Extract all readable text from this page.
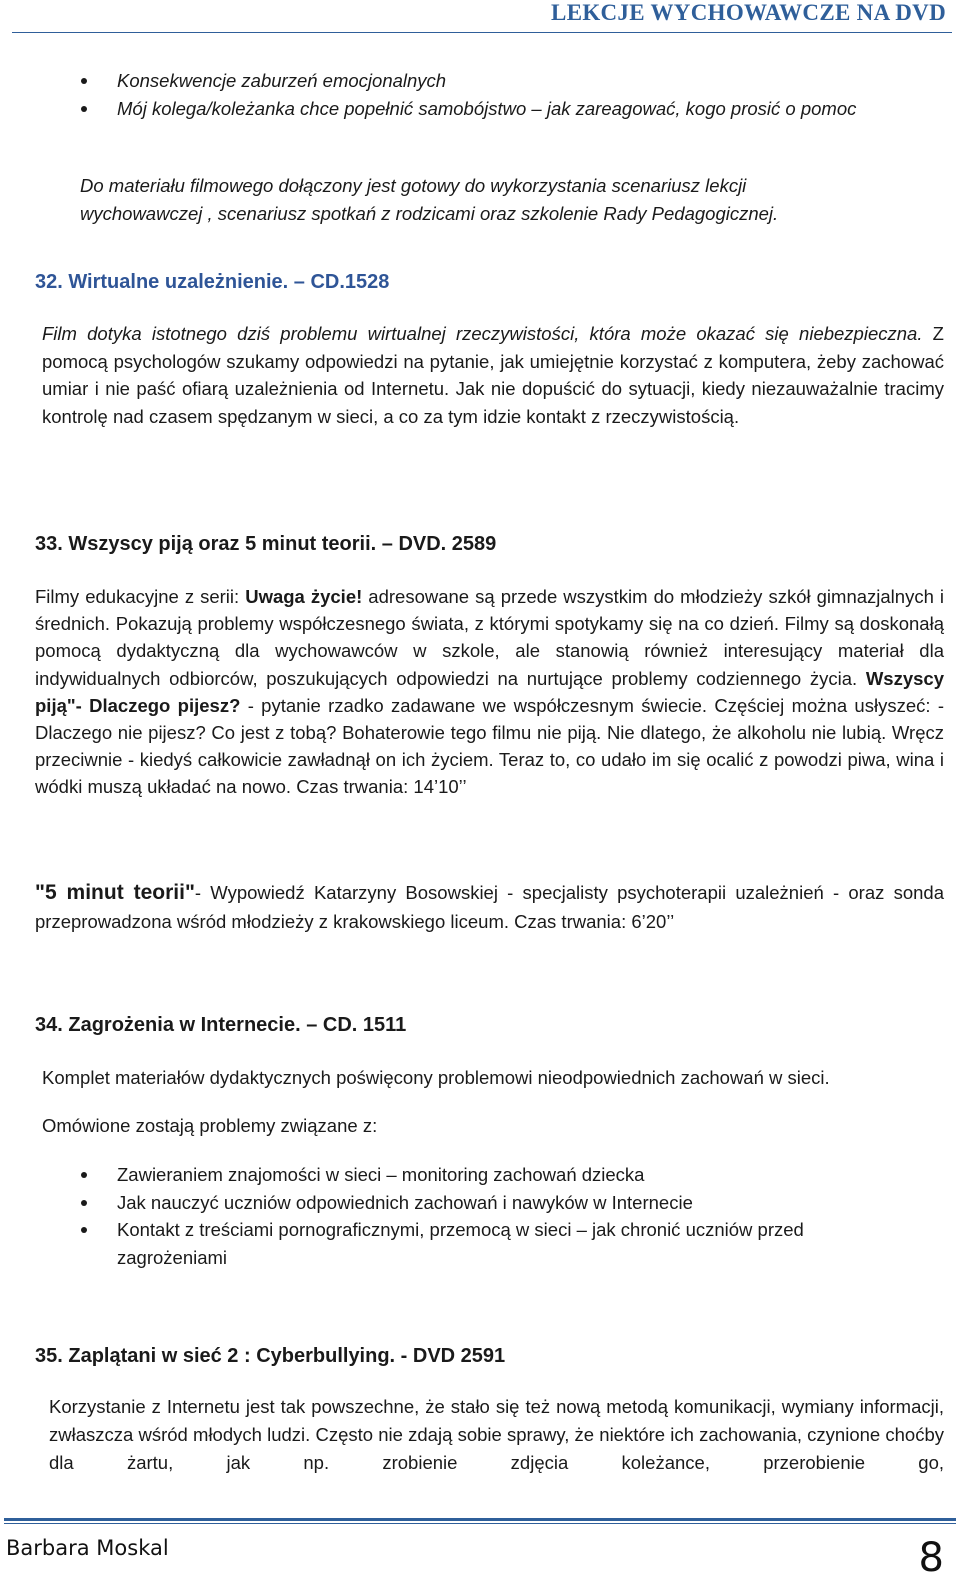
LEKCJE WYCHOWAWCZE NA DVD
Konsekwencje zaburzeń emocjonalnych
Mój kolega/koleżanka chce popełnić samobójstwo – jak zareagować, kogo prosić o pomoc
Do materiału filmowego dołączony jest gotowy do wykorzystania scenariusz lekcji wychowawczej , scenariusz spotkań z rodzicami oraz szkolenie Rady Pedagogicznej.
32. Wirtualne uzależnienie. – CD.1528
Film dotyka istotnego dziś problemu wirtualnej rzeczywistości, która może okazać się niebezpieczna. Z pomocą psychologów szukamy odpowiedzi na pytanie, jak umiejętnie korzystać z komputera, żeby zachować umiar i nie paść ofiarą uzależnienia od Internetu. Jak nie dopuścić do sytuacji, kiedy niezauważalnie tracimy kontrolę nad czasem spędzanym w sieci, a co za tym idzie kontakt z rzeczywistością.
33. Wszyscy piją oraz 5 minut teorii. – DVD. 2589
Filmy edukacyjne z serii: Uwaga życie! adresowane są przede wszystkim do młodzieży szkół gimnazjalnych i średnich. Pokazują problemy współczesnego świata, z którymi spotykamy się na co dzień. Filmy są doskonałą pomocą dydaktyczną dla wychowawców w szkole, ale stanowią również interesujący materiał dla indywidualnych odbiorców, poszukujących odpowiedzi na nurtujące problemy codziennego życia. Wszyscy piją"- Dlaczego pijesz? - pytanie rzadko zadawane we współczesnym świecie. Częściej można usłyszeć: - Dlaczego nie pijesz? Co jest z tobą? Bohaterowie tego filmu nie piją. Nie dlatego, że alkoholu nie lubią. Wręcz przeciwnie - kiedyś całkowicie zawładnął on ich życiem. Teraz to, co udało im się ocalić z powodzi piwa, wina i wódki muszą układać na nowo. Czas trwania: 14’10’’
"5 minut teorii"- Wypowiedź Katarzyny Bosowskiej - specjalisty psychoterapii uzależnień - oraz sonda przeprowadzona wśród młodzieży z krakowskiego liceum. Czas trwania: 6’20’’
34. Zagrożenia w Internecie. – CD. 1511
Komplet materiałów dydaktycznych poświęcony problemowi nieodpowiednich zachowań w sieci.
Omówione zostają problemy związane z:
Zawieraniem znajomości w sieci – monitoring zachowań dziecka
Jak nauczyć uczniów odpowiednich zachowań i nawyków w Internecie
Kontakt z treściami pornograficznymi, przemocą w sieci – jak chronić uczniów przed zagrożeniami
35. Zaplątani w sieć 2 : Cyberbullying. - DVD 2591
Korzystanie z Internetu jest tak powszechne, że stało się też nową metodą komunikacji, wymiany informacji, zwłaszcza wśród młodych ludzi. Często nie zdają sobie sprawy, że niektóre ich zachowania, czynione choćby dla żartu, jak np. zrobienie zdjęcia koleżance, przerobienie go,
Barbara Moskal	8
